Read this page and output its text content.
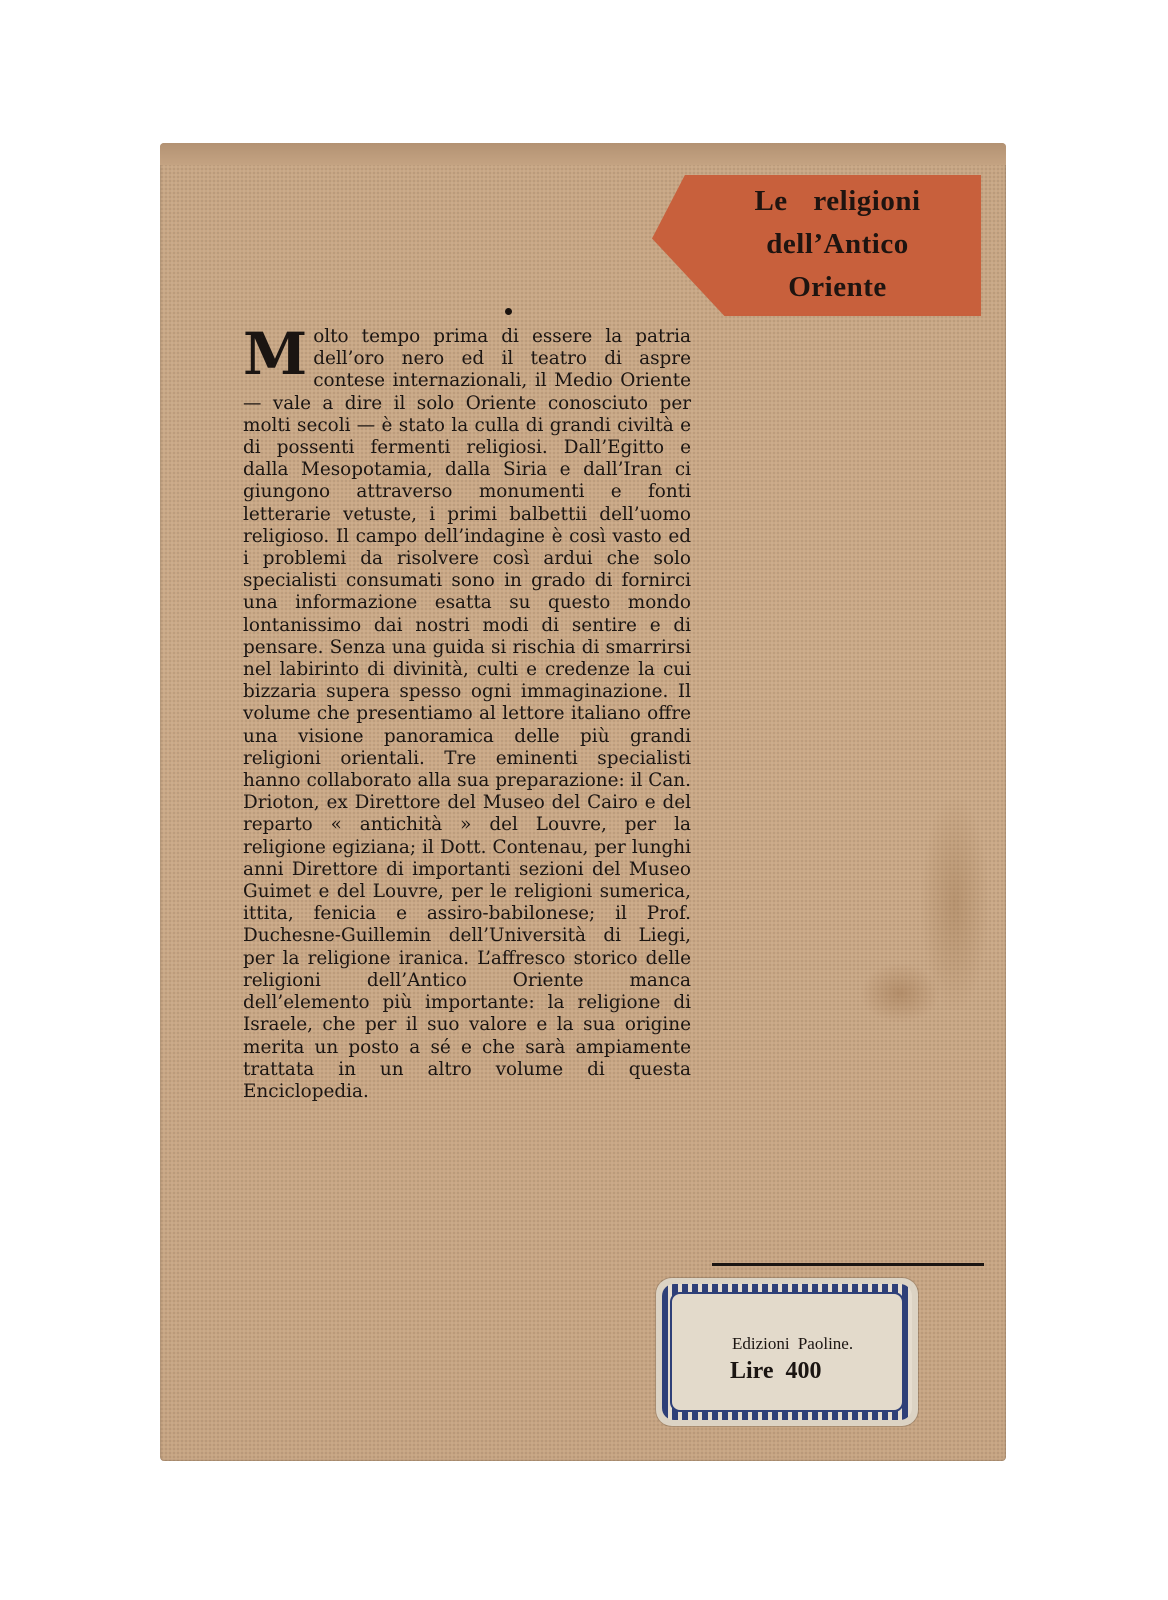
Le religioni
dell’Antico
Oriente

Molto tempo prima di essere la patria dell’oro nero ed il teatro di aspre contese internazionali, il Medio Oriente — vale a dire il solo Oriente conosciuto per molti secoli — è stato la culla di grandi civiltà e di possenti fermenti religiosi. Dall’Egitto e dalla Mesopotamia, dalla Siria e dall’Iran ci giungono attraverso monumenti e fonti letterarie vetuste, i primi balbettii dell’uomo religioso. Il campo dell’indagine è così vasto ed i problemi da risolvere così ardui che solo specialisti consumati sono in grado di fornirci una informazione esatta su questo mondo lontanissimo dai nostri modi di sentire e di pensare. Senza una guida si rischia di smarrirsi nel labirinto di divinità, culti e credenze la cui bizzaria supera spesso ogni immaginazione. Il volume che presentiamo al lettore italiano offre una visione panoramica delle più grandi religioni orientali. Tre eminenti specialisti hanno collaborato alla sua preparazione: il Can. Drioton, ex Direttore del Museo del Cairo e del reparto « antichità » del Louvre, per la religione egiziana; il Dott. Contenau, per lunghi anni Direttore di importanti sezioni del Museo Guimet e del Louvre, per le religioni sumerica, ittita, fenicia e assiro-babilonese; il Prof. Duchesne-Guillemin dell’Università di Liegi, per la religione iranica. L’affresco storico delle religioni dell’Antico Oriente manca dell’elemento più importante: la religione di Israele, che per il suo valore e la sua origine merita un posto a sé e che sarà ampiamente trattata in un altro volume di questa Enciclopedia.

Edizioni Paoline.

Lire 400
